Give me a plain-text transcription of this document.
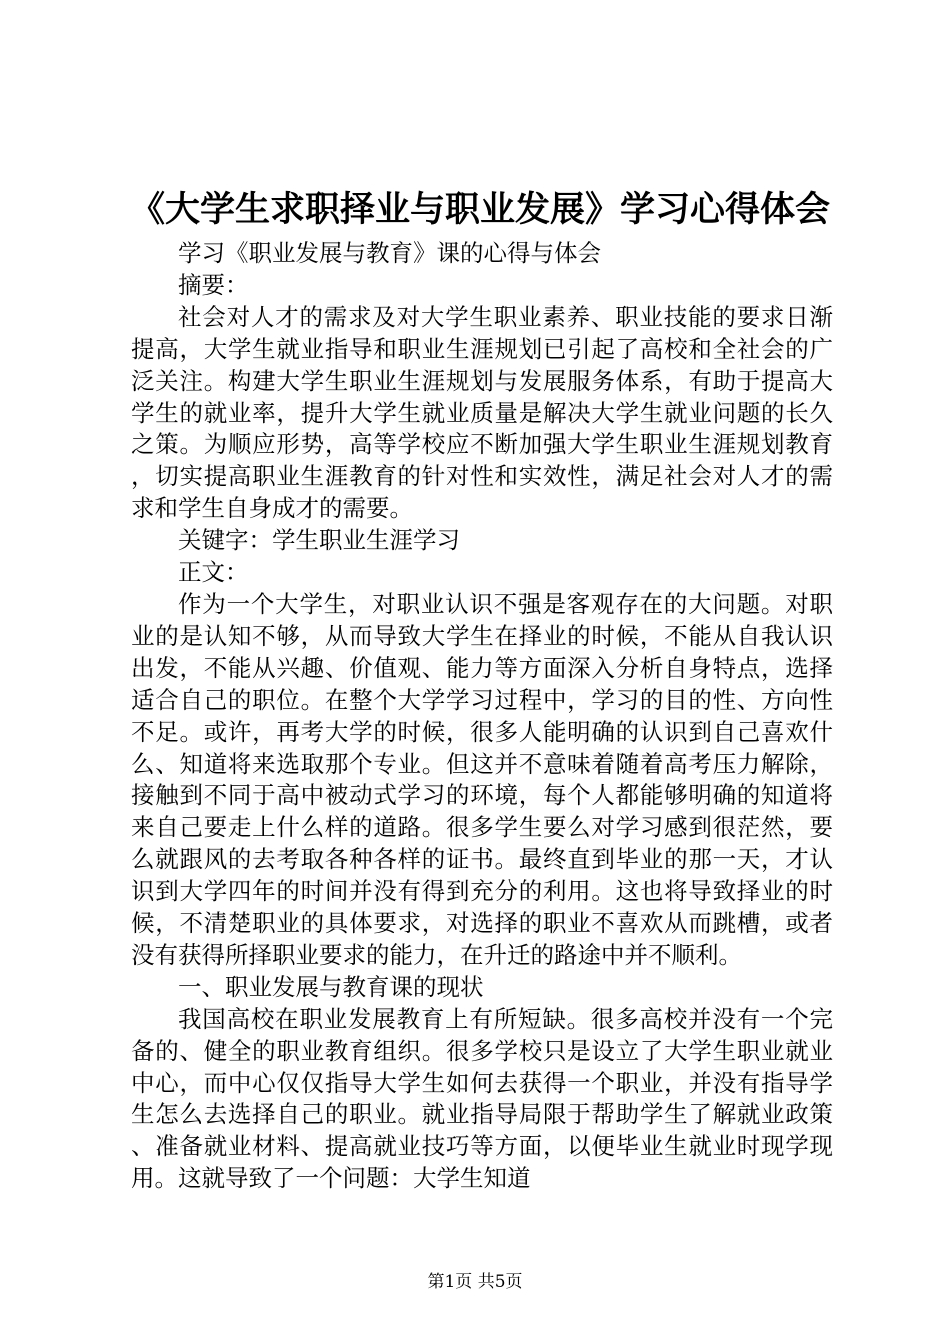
《大学生求职择业与职业发展》学习心得体会

学习《职业发展与教育》课的心得与体会

摘要：

社会对人才的需求及对大学生职业素养、职业技能的要求日渐提高，大学生就业指导和职业生涯规划已引起了高校和全社会的广泛关注。构建大学生职业生涯规划与发展服务体系，有助于提高大学生的就业率，提升大学生就业质量是解决大学生就业问题的长久之策。为顺应形势，高等学校应不断加强大学生职业生涯规划教育，切实提高职业生涯教育的针对性和实效性，满足社会对人才的需求和学生自身成才的需要。

关键字：学生职业生涯学习

正文：

作为一个大学生，对职业认识不强是客观存在的大问题。对职业的是认知不够，从而导致大学生在择业的时候，不能从自我认识出发，不能从兴趣、价值观、能力等方面深入分析自身特点，选择适合自己的职位。在整个大学学习过程中，学习的目的性、方向性不足。或许，再考大学的时候，很多人能明确的认识到自己喜欢什么、知道将来选取那个专业。但这并不意味着随着高考压力解除，接触到不同于高中被动式学习的环境，每个人都能够明确的知道将来自己要走上什么样的道路。很多学生要么对学习感到很茫然，要么就跟风的去考取各种各样的证书。最终直到毕业的那一天，才认识到大学四年的时间并没有得到充分的利用。这也将导致择业的时候，不清楚职业的具体要求，对选择的职业不喜欢从而跳槽，或者没有获得所择职业要求的能力，在升迁的路途中并不顺利。

一、职业发展与教育课的现状

我国高校在职业发展教育上有所短缺。很多高校并没有一个完备的、健全的职业教育组织。很多学校只是设立了大学生职业就业中心，而中心仅仅指导大学生如何去获得一个职业，并没有指导学生怎么去选择自己的职业。就业指导局限于帮助学生了解就业政策、准备就业材料、提高就业技巧等方面，以便毕业生就业时现学现用。这就导致了一个问题：大学生知道

第1页 共5页
